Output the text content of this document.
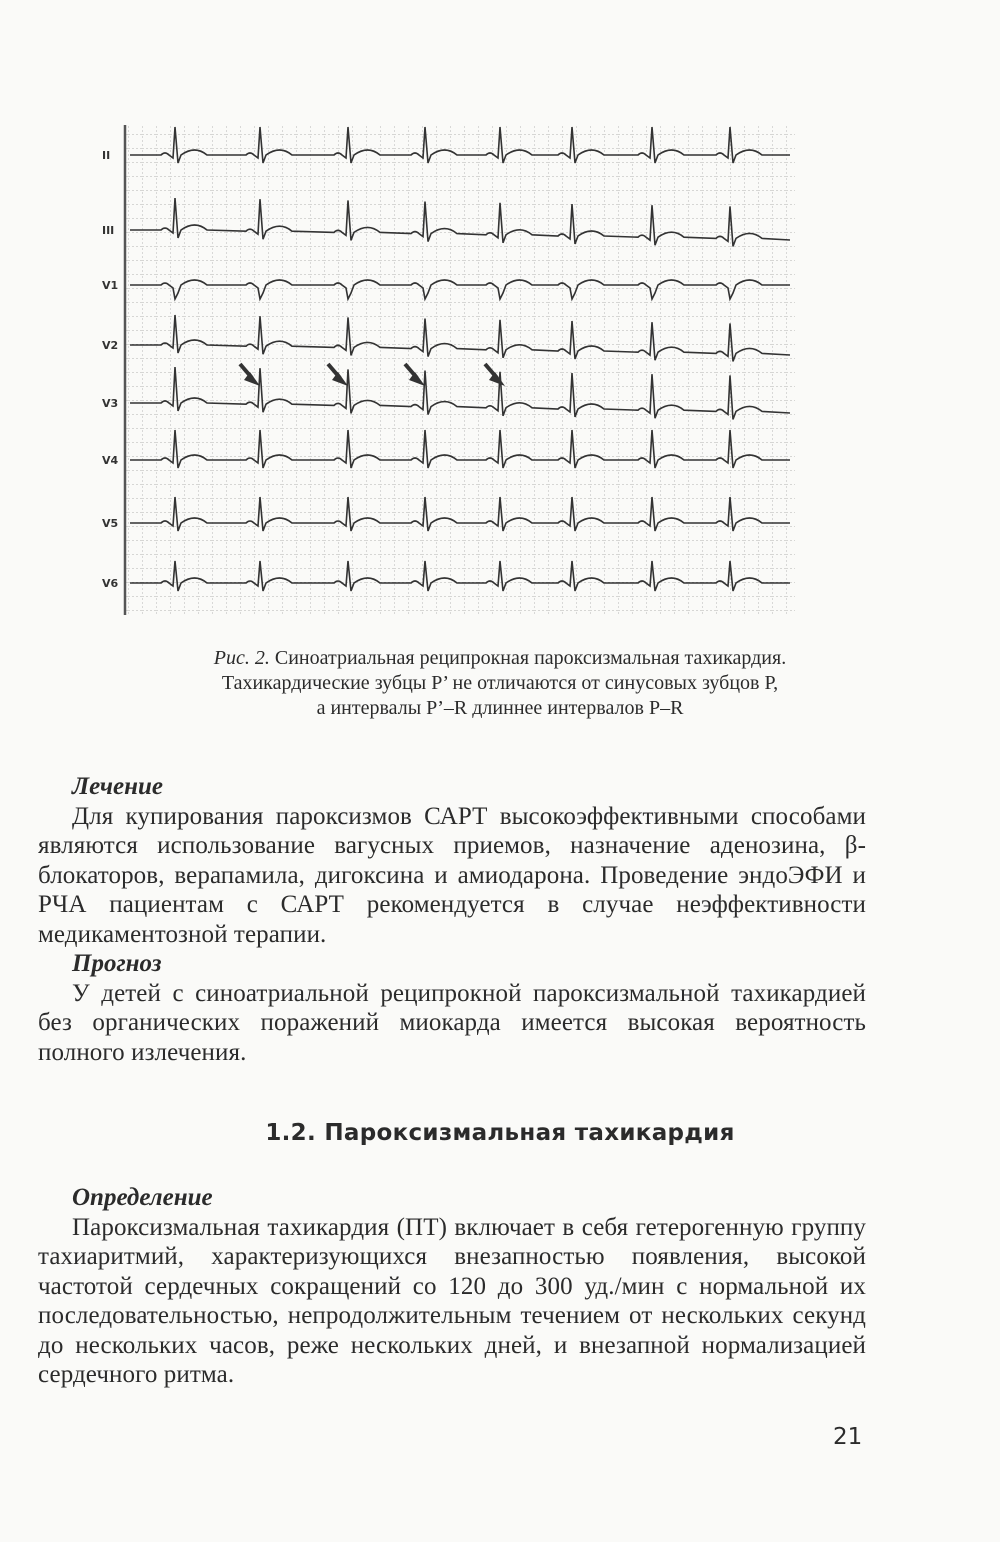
II
III
V1
V2
V3
V4
V5
V6
Рис. 2. Синоатриальная реципрокная пароксизмальная тахикардия.
Тахикардические зубцы Р’ не отличаются от синусовых зубцов Р,
а интервалы Р’–R длиннее интервалов Р–R
Лечение

Для купирования пароксизмов САРТ высокоэффективными способами являются использование вагусных приемов, назначение аденозина, β-блокаторов, верапамила, дигоксина и амиодарона. Проведение эндоЭФИ и РЧА пациентам с САРТ рекомендуется в случае неэффективности медикаментозной терапии.

Прогноз

У детей с синоатриальной реципрокной пароксизмальной тахикардией без органических поражений миокарда имеется высокая вероятность полного излечения.

1.2. Пароксизмальная тахикардия
Определение

Пароксизмальная тахикардия (ПТ) включает в себя гетерогенную группу тахиаритмий, характеризующихся внезапностью появления, высокой частотой сердечных сокращений со 120 до 300 уд./мин с нормальной их последовательностью, непродолжительным течением от нескольких секунд до нескольких часов, реже нескольких дней, и внезапной нормализацией сердечного ритма.

21
